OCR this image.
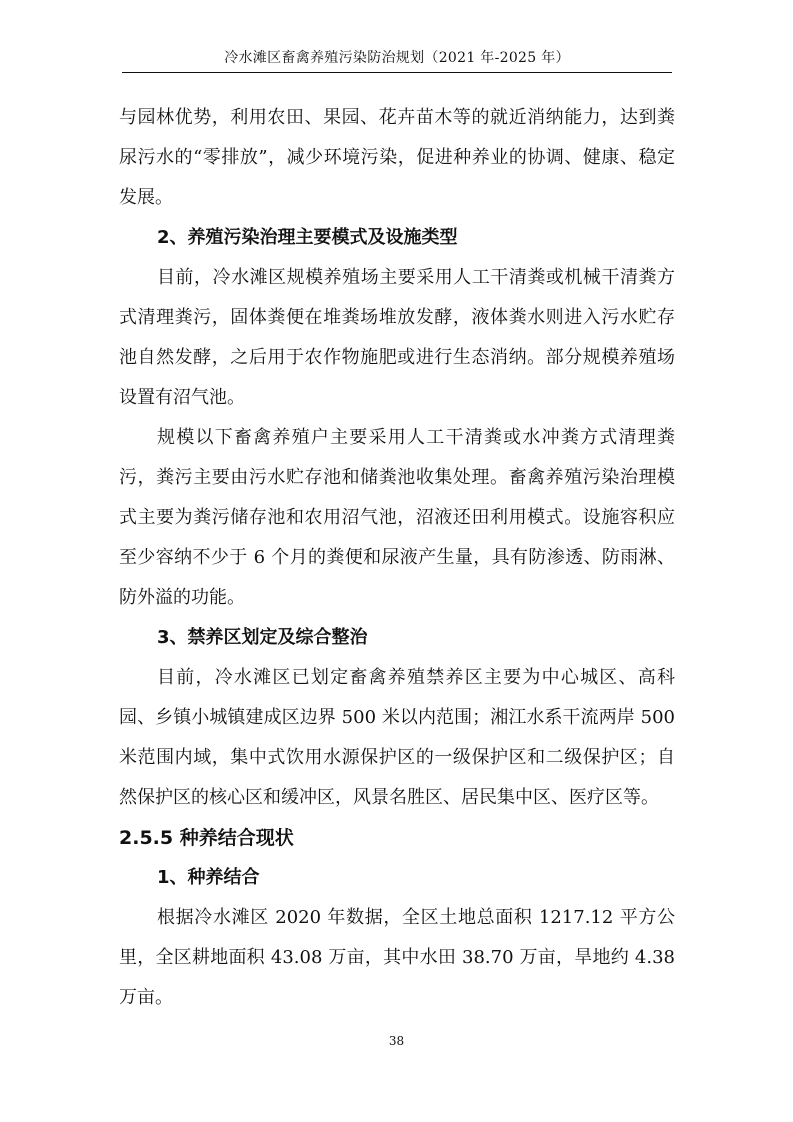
冷水滩区畜禽养殖污染防治规划（2021 年-2025 年）

与园林优势，利用农田、果园、花卉苗木等的就近消纳能力，达到粪尿污水的“零排放”，减少环境污染，促进种养业的协调、健康、稳定发展。

2、养殖污染治理主要模式及设施类型

目前，冷水滩区规模养殖场主要采用人工干清粪或机械干清粪方式清理粪污，固体粪便在堆粪场堆放发酵，液体粪水则进入污水贮存池自然发酵，之后用于农作物施肥或进行生态消纳。部分规模养殖场设置有沼气池。

规模以下畜禽养殖户主要采用人工干清粪或水冲粪方式清理粪污，粪污主要由污水贮存池和储粪池收集处理。畜禽养殖污染治理模式主要为粪污储存池和农用沼气池，沼液还田利用模式。设施容积应至少容纳不少于 6 个月的粪便和尿液产生量，具有防渗透、防雨淋、防外溢的功能。

3、禁养区划定及综合整治

目前，冷水滩区已划定畜禽养殖禁养区主要为中心城区、高科园、乡镇小城镇建成区边界 500 米以内范围；湘江水系干流两岸 500 米范围内域，集中式饮用水源保护区的一级保护区和二级保护区；自然保护区的核心区和缓冲区，风景名胜区、居民集中区、医疗区等。

2.5.5 种养结合现状

1、种养结合

根据冷水滩区 2020 年数据，全区土地总面积 1217.12 平方公里，全区耕地面积 43.08 万亩，其中水田 38.70 万亩，旱地约 4.38 万亩。

38
